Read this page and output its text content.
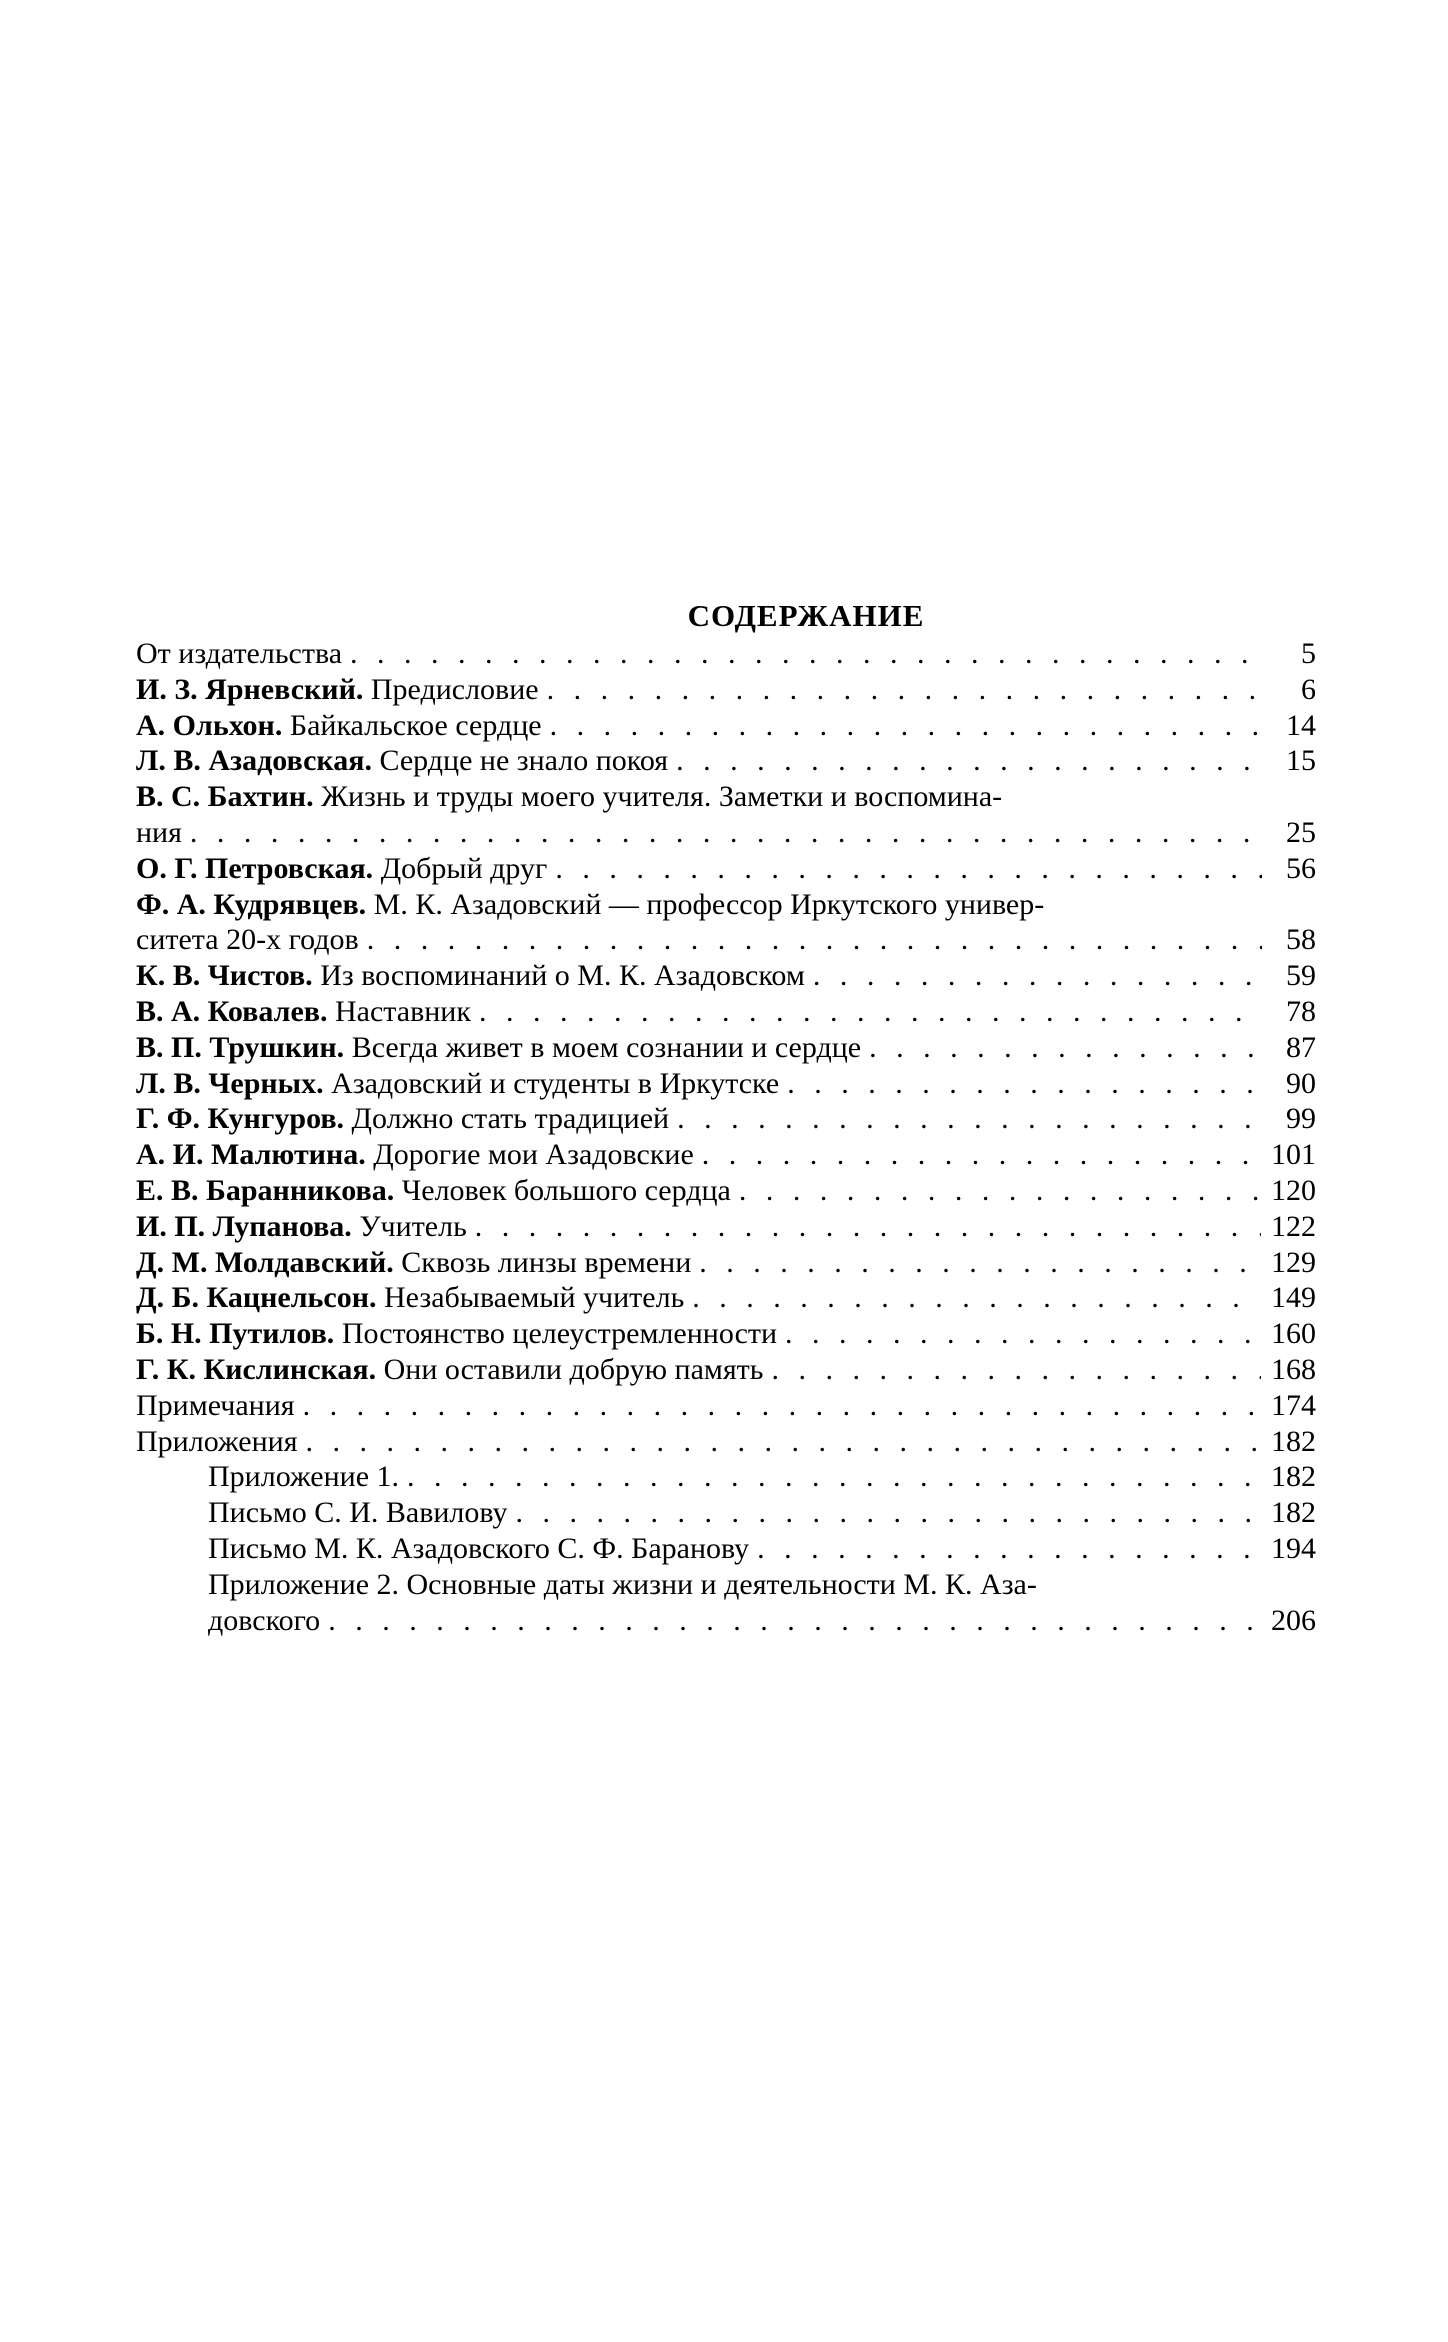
СОДЕРЖАНИЕ
От издательства . . .	5
И. З. Ярневский. Предисловие . . .	6
А. Ольхон. Байкальское сердце . . .	14
Л. В. Азадовская. Сердце не знало покоя . . .	15
В. С. Бахтин. Жизнь и труды моего учителя. Заметки и воспомина-
ния . . .	25
О. Г. Петровская. Добрый друг . . .	56
Ф. А. Кудрявцев. М. К. Азадовский — профессор Иркутского универ-
ситета 20-х годов . . .	58
К. В. Чистов. Из воспоминаний о М. К. Азадовском . . .	59
В. А. Ковалев. Наставник . . .	78
В. П. Трушкин. Всегда живет в моем сознании и сердце . . .	87
Л. В. Черных. Азадовский и студенты в Иркутске . . .	90
Г. Ф. Кунгуров. Должно стать традицией . . .	99
А. И. Малютина. Дорогие мои Азадовские . . .	101
Е. В. Баранникова. Человек большого сердца . . .	120
И. П. Лупанова. Учитель . . .	122
Д. М. Молдавский. Сквозь линзы времени . . .	129
Д. Б. Кацнельсон. Незабываемый учитель . . .	149
Б. Н. Путилов. Постоянство целеустремленности . . .	160
Г. К. Кислинская. Они оставили добрую память . . .	168
Примечания . . .	174
Приложения . . .	182
Приложение 1. . . .	182
Письмо С. И. Вавилову . . .	182
Письмо М. К. Азадовского С. Ф. Баранову . . .	194
Приложение 2. Основные даты жизни и деятельности М. К. Аза-
довского . . .	206
